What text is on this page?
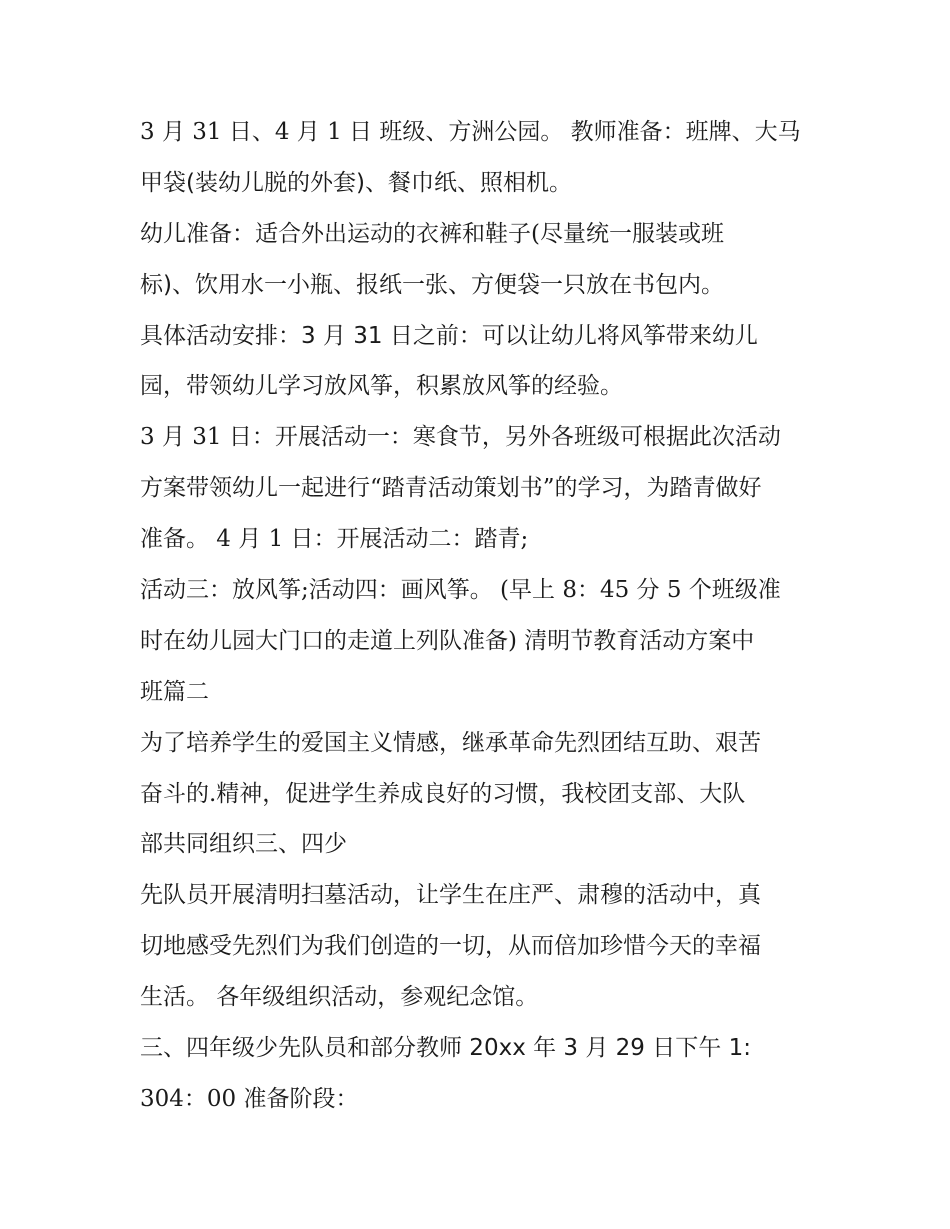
3 月 31 日、4 月 1 日 班级、方洲公园。 教师准备：班牌、大马
甲袋(装幼儿脱的外套)、餐巾纸、照相机。
幼儿准备：适合外出运动的衣裤和鞋子(尽量统一服装或班
标)、饮用水一小瓶、报纸一张、方便袋一只放在书包内。
具体活动安排：3 月 31 日之前：可以让幼儿将风筝带来幼儿
园，带领幼儿学习放风筝，积累放风筝的经验。
3 月 31 日：开展活动一：寒食节，另外各班级可根据此次活动
方案带领幼儿一起进行“踏青活动策划书”的学习，为踏青做好
准备。 4 月 1 日：开展活动二：踏青;
活动三：放风筝;活动四：画风筝。 (早上 8：45 分 5 个班级准
时在幼儿园大门口的走道上列队准备) 清明节教育活动方案中
班篇二
为了培养学生的爱国主义情感，继承革命先烈团结互助、艰苦
奋斗的.精神，促进学生养成良好的习惯，我校团支部、大队
部共同组织三、四少
先队员开展清明扫墓活动，让学生在庄严、肃穆的活动中，真
切地感受先烈们为我们创造的一切，从而倍加珍惜今天的幸福
生活。 各年级组织活动，参观纪念馆。
三、四年级少先队员和部分教师 20xx 年 3 月 29 日下午 1:
304：00 准备阶段：
